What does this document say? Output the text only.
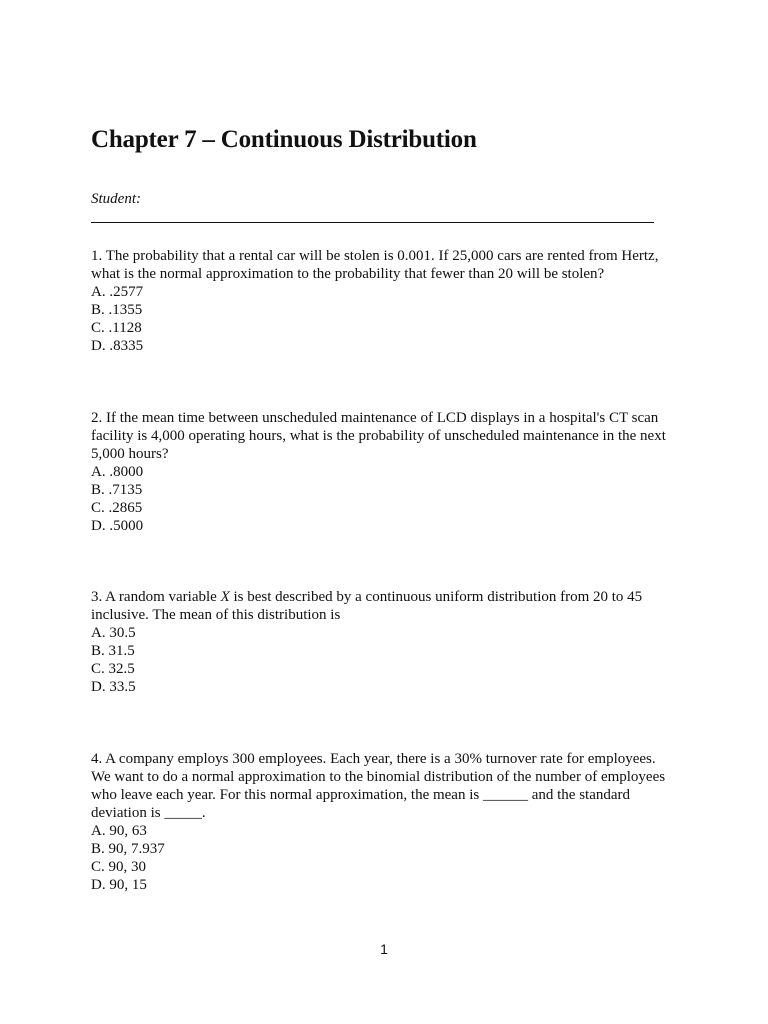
Chapter 7 – Continuous Distribution
Student:

1. The probability that a rental car will be stolen is 0.001. If 25,000 cars are rented from Hertz, what is the normal approximation to the probability that fewer than 20 will be stolen?

A. .2577

B. .1355

C. .1128

D. .8335

2. If the mean time between unscheduled maintenance of LCD displays in a hospital's CT scan facility is 4,000 operating hours, what is the probability of unscheduled maintenance in the next 5,000 hours?

A. .8000

B. .7135

C. .2865

D. .5000

3. A random variable X is best described by a continuous uniform distribution from 20 to 45 inclusive. The mean of this distribution is

A. 30.5

B. 31.5

C. 32.5

D. 33.5

4. A company employs 300 employees. Each year, there is a 30% turnover rate for employees. We want to do a normal approximation to the binomial distribution of the number of employees who leave each year. For this normal approximation, the mean is ______ and the standard deviation is _____.

A. 90, 63

B. 90, 7.937

C. 90, 30

D. 90, 15

1
